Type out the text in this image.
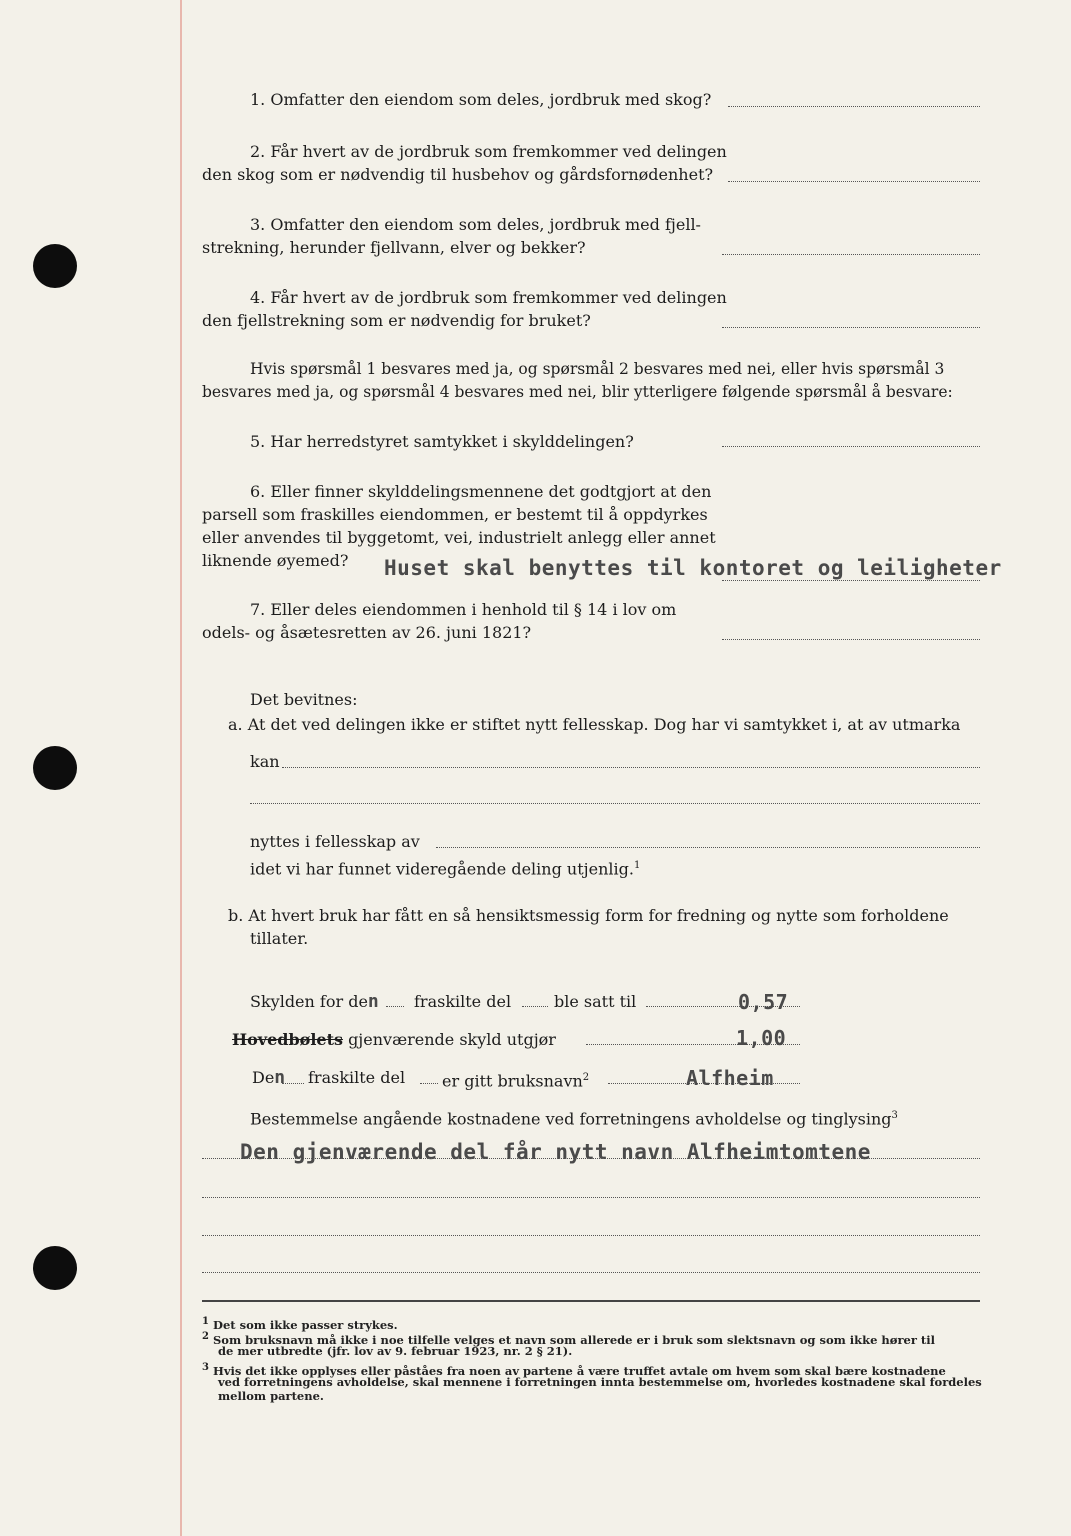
1. Omfatter den eiendom som deles, jordbruk med skog?
2. Får hvert av de jordbruk som fremkommer ved delingen
den skog som er nødvendig til husbehov og gårdsfornødenhet?
3. Omfatter den eiendom som deles, jordbruk med fjell-
strekning, herunder fjellvann, elver og bekker?
4. Får hvert av de jordbruk som fremkommer ved delingen
den fjellstrekning som er nødvendig for bruket?
Hvis spørsmål 1 besvares med ja, og spørsmål 2 besvares med nei, eller hvis spørsmål 3
besvares med ja, og spørsmål 4 besvares med nei, blir ytterligere følgende spørsmål å besvare:
5. Har herredstyret samtykket i skylddelingen?
6. Eller finner skylddelingsmennene det godtgjort at den
parsell som fraskilles eiendommen, er bestemt til å oppdyrkes
eller anvendes til byggetomt, vei, industrielt anlegg eller annet
liknende øyemed? Huset skal benyttes til kontoret og leiligheter
7. Eller deles eiendommen i henhold til § 14 i lov om
odels- og åsætesretten av 26. juni 1821?
Det bevitnes:
a. At det ved delingen ikke er stiftet nytt fellesskap. Dog har vi samtykket i, at av utmarka
kan
nyttes i fellesskap av
idet vi har funnet videregående deling utjenlig.$^1$
b. At hvert bruk har fått en så hensiktsmessig form for fredning og nytte som forholdene
tillater.
Skylden for den fraskilte del	ble satt til	0,57
Hovedbølets gjenværende skyld utgjør	1,00
Den fraskilte del er gitt bruksnavn$^2$	Alfheim
Bestemmelse angående kostnadene ved forretningens avholdelse og tinglysing$^3$
Den gjenværende del får nytt navn Alfheimtomtene
1 Det som ikke passer strykes.
2 Som bruksnavn må ikke i noe tilfelle velges et navn som allerede er i bruk som slektsnavn og som ikke hører til
de mer utbredte (jfr. lov av 9. februar 1923, nr. 2 § 21).
3 Hvis det ikke opplyses eller påståes fra noen av partene å være truffet avtale om hvem som skal bære kostnadene
ved forretningens avholdelse, skal mennene i forretningen innta bestemmelse om, hvorledes kostnadene skal fordeles
mellom partene.
